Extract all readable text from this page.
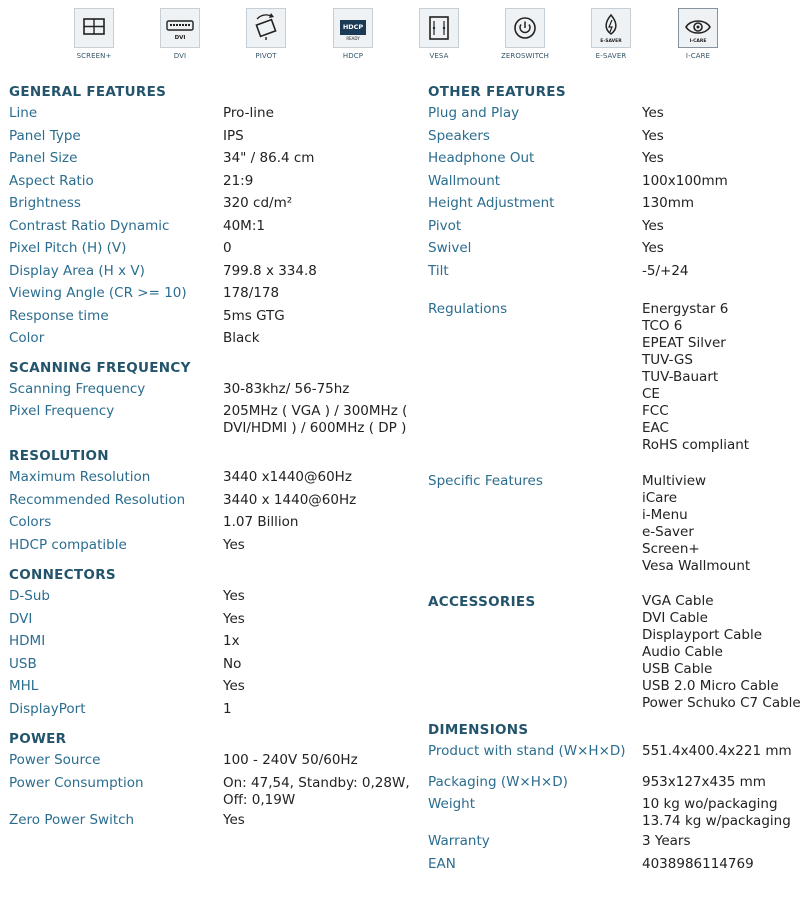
SCREEN+
DVI
DVI	PIVOT
HDCP
READY
HDCP	VESA	ZEROSWITCH
E-SAVER
E-SAVER
I-CARE
I-CARE
GENERAL FEATURES
Line	Pro-line
Panel Type	IPS
Panel Size	34" / 86.4 cm
Aspect Ratio	21:9
Brightness	320 cd/m²
Contrast Ratio Dynamic	40M:1
Pixel Pitch (H) (V)	0
Display Area (H x V)	799.8 x 334.8
Viewing Angle (CR >= 10)	178/178
Response time	5ms GTG
Color	Black
SCANNING FREQUENCY
Scanning Frequency	30-83khz/ 56-75hz
Pixel Frequency	205MHz ( VGA ) / 300MHz (
DVI/HDMI ) / 600MHz ( DP )
RESOLUTION
Maximum Resolution	3440 x1440@60Hz
Recommended Resolution	3440 x 1440@60Hz
Colors	1.07 Billion
HDCP compatible	Yes
CONNECTORS
D-Sub	Yes
DVI	Yes
HDMI	1x
USB	No
MHL	Yes
DisplayPort	1
POWER
Power Source	100 - 240V 50/60Hz
Power Consumption	On: 47,54, Standby: 0,28W,
Off: 0,19W
Zero Power Switch	Yes
OTHER FEATURES
Plug and Play	Yes
Speakers	Yes
Headphone Out	Yes
Wallmount	100x100mm
Height Adjustment	130mm
Pivot	Yes
Swivel	Yes
Tilt	-5/+24
Regulations	Energystar 6
TCO 6
EPEAT Silver
TUV-GS
TUV-Bauart
CE
FCC
EAC
RoHS compliant
Specific Features	Multiview
iCare
i-Menu
e-Saver
Screen+
Vesa Wallmount
ACCESSORIES	VGA Cable
DVI Cable
Displayport Cable
Audio Cable
USB Cable
USB 2.0 Micro Cable
Power Schuko C7 Cable
DIMENSIONS
Product with stand (W×H×D) 551.4x400.4x221 mm
Packaging (W×H×D)	953x127x435 mm
Weight	10 kg wo/packaging
13.74 kg w/packaging
Warranty	3 Years
EAN	4038986114769
